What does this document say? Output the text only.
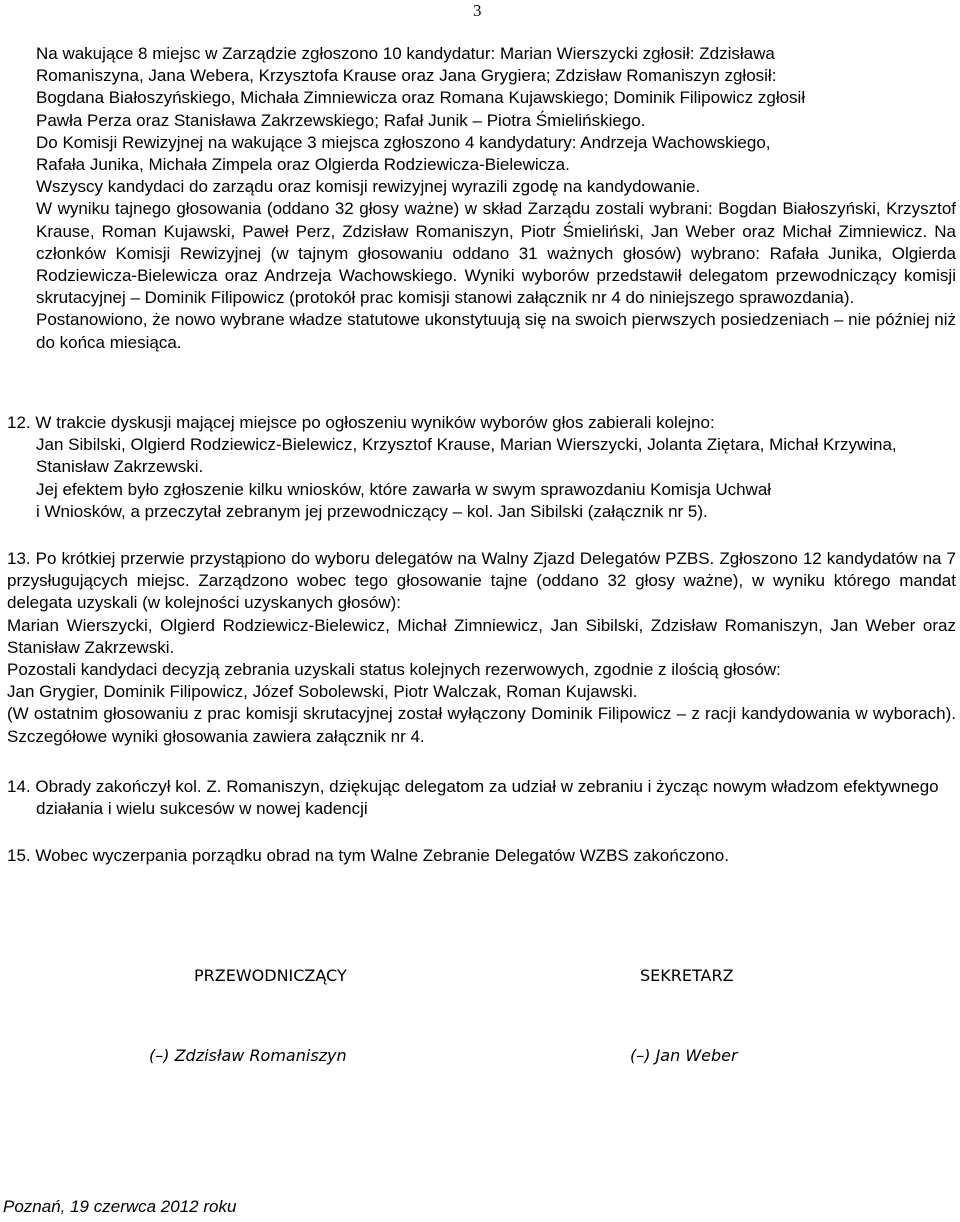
3

Na wakujące 8 miejsc w Zarządzie zgłoszono 10 kandydatur: Marian Wierszycki zgłosił: Zdzisława

Romaniszyna, Jana Webera, Krzysztofa Krause oraz Jana Grygiera; Zdzisław Romaniszyn zgłosił:

Bogdana Białoszyńskiego, Michała Zimniewicza oraz Romana Kujawskiego; Dominik Filipowicz zgłosił

Pawła Perza oraz Stanisława Zakrzewskiego; Rafał Junik – Piotra Śmielińskiego.

Do Komisji Rewizyjnej na wakujące 3 miejsca zgłoszono 4 kandydatury: Andrzeja Wachowskiego,

Rafała Junika, Michała Zimpela oraz Olgierda Rodziewicza-Bielewicza.

Wszyscy kandydaci do zarządu oraz komisji rewizyjnej wyrazili zgodę na kandydowanie.

W wyniku tajnego głosowania (oddano 32 głosy ważne) w skład Zarządu zostali wybrani: Bogdan Białoszyński, Krzysztof Krause, Roman Kujawski, Paweł Perz, Zdzisław Romaniszyn, Piotr Śmieliński, Jan Weber oraz Michał Zimniewicz. Na członków Komisji Rewizyjnej (w tajnym głosowaniu oddano 31 ważnych głosów) wybrano: Rafała Junika, Olgierda Rodziewicza-Bielewicza oraz Andrzeja Wachowskiego. Wyniki wyborów przedstawił delegatom przewodniczący komisji skrutacyjnej – Dominik Filipowicz (protokół prac komisji stanowi załącznik nr 4 do niniejszego sprawozdania).

Postanowiono, że nowo wybrane władze statutowe ukonstytuują się na swoich pierwszych posiedzeniach – nie później niż do końca miesiąca.

12. W trakcie dyskusji mającej miejsce po ogłoszeniu wyników wyborów głos zabierali kolejno:

Jan Sibilski, Olgierd Rodziewicz-Bielewicz, Krzysztof Krause, Marian Wierszycki, Jolanta Ziętara, Michał Krzywina, Stanisław Zakrzewski.

Jej efektem było zgłoszenie kilku wniosków, które zawarła w swym sprawozdaniu Komisja Uchwał

i Wniosków, a przeczytał zebranym jej przewodniczący – kol. Jan Sibilski (załącznik nr 5).

13. Po krótkiej przerwie przystąpiono do wyboru delegatów na Walny Zjazd Delegatów PZBS. Zgłoszono 12 kandydatów na 7 przysługujących miejsc. Zarządzono wobec tego głosowanie tajne (oddano 32 głosy ważne), w wyniku którego mandat delegata uzyskali (w kolejności uzyskanych głosów):

Marian Wierszycki, Olgierd Rodziewicz-Bielewicz, Michał Zimniewicz, Jan Sibilski, Zdzisław Romaniszyn, Jan Weber oraz Stanisław Zakrzewski.

Pozostali kandydaci decyzją zebrania uzyskali status kolejnych rezerwowych, zgodnie z ilością głosów:

Jan Grygier, Dominik Filipowicz, Józef Sobolewski, Piotr Walczak, Roman Kujawski.

(W ostatnim głosowaniu z prac komisji skrutacyjnej został wyłączony Dominik Filipowicz – z racji kandydowania w wyborach). Szczegółowe wyniki głosowania zawiera załącznik nr 4.

14. Obrady zakończył kol. Z. Romaniszyn, dziękując delegatom za udział w zebraniu i życząc nowym władzom efektywnego działania i wielu sukcesów w nowej kadencji

15. Wobec wyczerpania porządku obrad na tym Walne Zebranie Delegatów WZBS zakończono.

PRZEWODNICZĄCY	SEKRETARZ
(–) Zdzisław Romaniszyn	(–) Jan Weber
Poznań, 19 czerwca 2012 roku
